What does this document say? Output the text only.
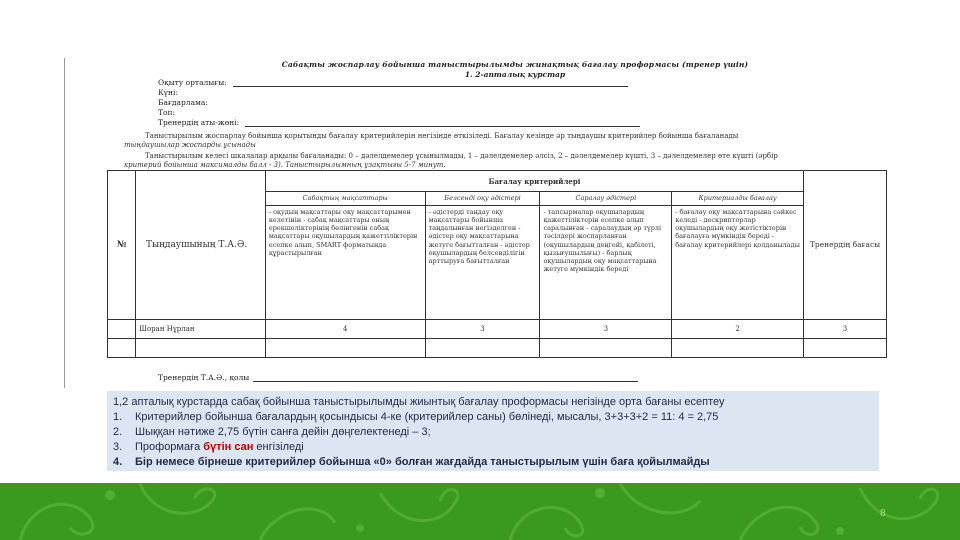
Сабақты жоспарлау бойынша таныстырылымды жинақтық бағалау проформасы (тренер үшін)
1. 2-апталық курстар
Оқыту орталығы:
Күні:
Бағдарлама:
Топ:
Тренердің аты-жөні:
Таныстырылым жоспарлау бойынша қорытынды бағалау критерийлерін негізінде өткізіледі. Бағалау кезінде әр тыңдаушы критерийлер бойынша бағаланады
тыңдаушылар жоспарды ұсынады
Таныстырылым келесі шкалалар арқылы бағаланады: 0 – дәлелдемелер ұсынылмады, 1 – дәлелдемелер әлсіз, 2 – дәлелдемелер күшті, 3 – дәлелдемелер өте күшті (әрбір
критерий бойынша максималды балл - 3). Таныстырылымның ұзақтығы 5-7 минут.
№	Тыңдаушының Т.А.Ә.	Бағалау критерийлері				Тренердің бағасы
		Сабақтың мақсаттары	Белсенді оқу әдістері	Саралау әдістері	Критериалды бағалау	
		- оқудың мақсаттары оқу мақсаттарымен келетінін - сабақ мақсаттары оның ерекшеліктерінің бөлінгенін сабақ мақсаттары оқушылардың қажеттіліктерін есепке алып, SMART форматында құрастырылған	- әдістерді таңдау оқу мақсаттары бойынша таңдалынған негізделген - әдістер оқу мақсаттарына жетуге бағытталған - әдістер оқушылардың белсенділігін арттыруға бағытталған	- тапсырмалар оқушылардың қажеттіліктерін есепке алып саралынған - саралаудың әр түрлі тәсілдері жоспарланған (оқушылардың деңгейі, қабілеті, қызығушылығы) - барлық оқушылардың оқу мақсаттарына жетуге мүмкіндік береді	- бағалау оқу мақсаттарына сәйкес келеді - дескрипторлар оқушылардың оқу жетістіктерін бағалауға мүмкіндік береді - бағалау критерийлері қолданылады	
	Шоран Нұрлан	4	3	3	2	3

Тренердің Т.А.Ә., қолы
1,2 апталық курстарда сабақ бойынша таныстырылымды жиынтық бағалау проформасы негізінде орта бағаны есептеу
1. Критерийлер бойынша бағалардың қосындысы 4-ке (критерийлер саны) бөлінеді, мысалы, 3+3+3+2 = 11: 4 = 2,75
2. Шыққан нәтиже 2,75 бүтін санға дейін дөңгелектенеді – 3;
3. Проформаға бүтін сан енгізіледі
4. Бір немесе бірнеше критерийлер бойынша «0» болған жағдайда таныстырылым үшін баға қойылмайды
8
